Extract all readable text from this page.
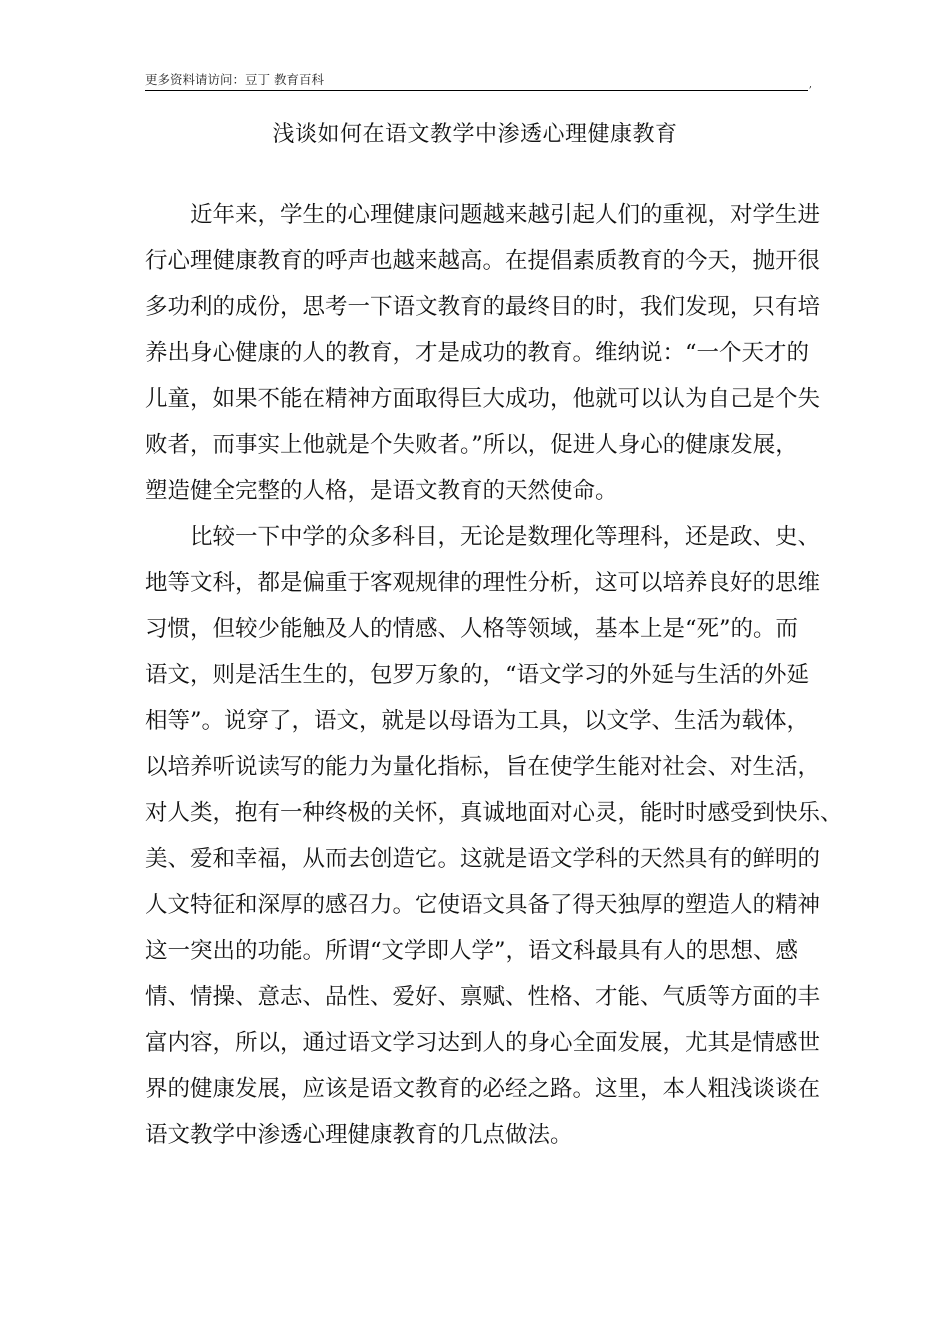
更多资料请访问：豆丁 教育百科	,
浅谈如何在语文教学中渗透心理健康教育
近年来，学生的心理健康问题越来越引起人们的重视，对学生进
行心理健康教育的呼声也越来越高。在提倡素质教育的今天，抛开很
多功利的成份，思考一下语文教育的最终目的时，我们发现，只有培
养出身心健康的人的教育，才是成功的教育。维纳说：“一个天才的
儿童，如果不能在精神方面取得巨大成功，他就可以认为自己是个失
败者，而事实上他就是个失败者。”所以，促进人身心的健康发展，
塑造健全完整的人格，是语文教育的天然使命。
比较一下中学的众多科目，无论是数理化等理科，还是政、史、
地等文科，都是偏重于客观规律的理性分析，这可以培养良好的思维
习惯，但较少能触及人的情感、人格等领域，基本上是“死”的。而
语文，则是活生生的，包罗万象的，“语文学习的外延与生活的外延
相等”。说穿了，语文，就是以母语为工具，以文学、生活为载体，
以培养听说读写的能力为量化指标，旨在使学生能对社会、对生活，
对人类，抱有一种终极的关怀，真诚地面对心灵，能时时感受到快乐、
美、爱和幸福，从而去创造它。这就是语文学科的天然具有的鲜明的
人文特征和深厚的感召力。它使语文具备了得天独厚的塑造人的精神
这一突出的功能。所谓“文学即人学”，语文科最具有人的思想、感
情、情操、意志、品性、爱好、禀赋、性格、才能、气质等方面的丰
富内容，所以，通过语文学习达到人的身心全面发展，尤其是情感世
界的健康发展，应该是语文教育的必经之路。这里，本人粗浅谈谈在
语文教学中渗透心理健康教育的几点做法。
